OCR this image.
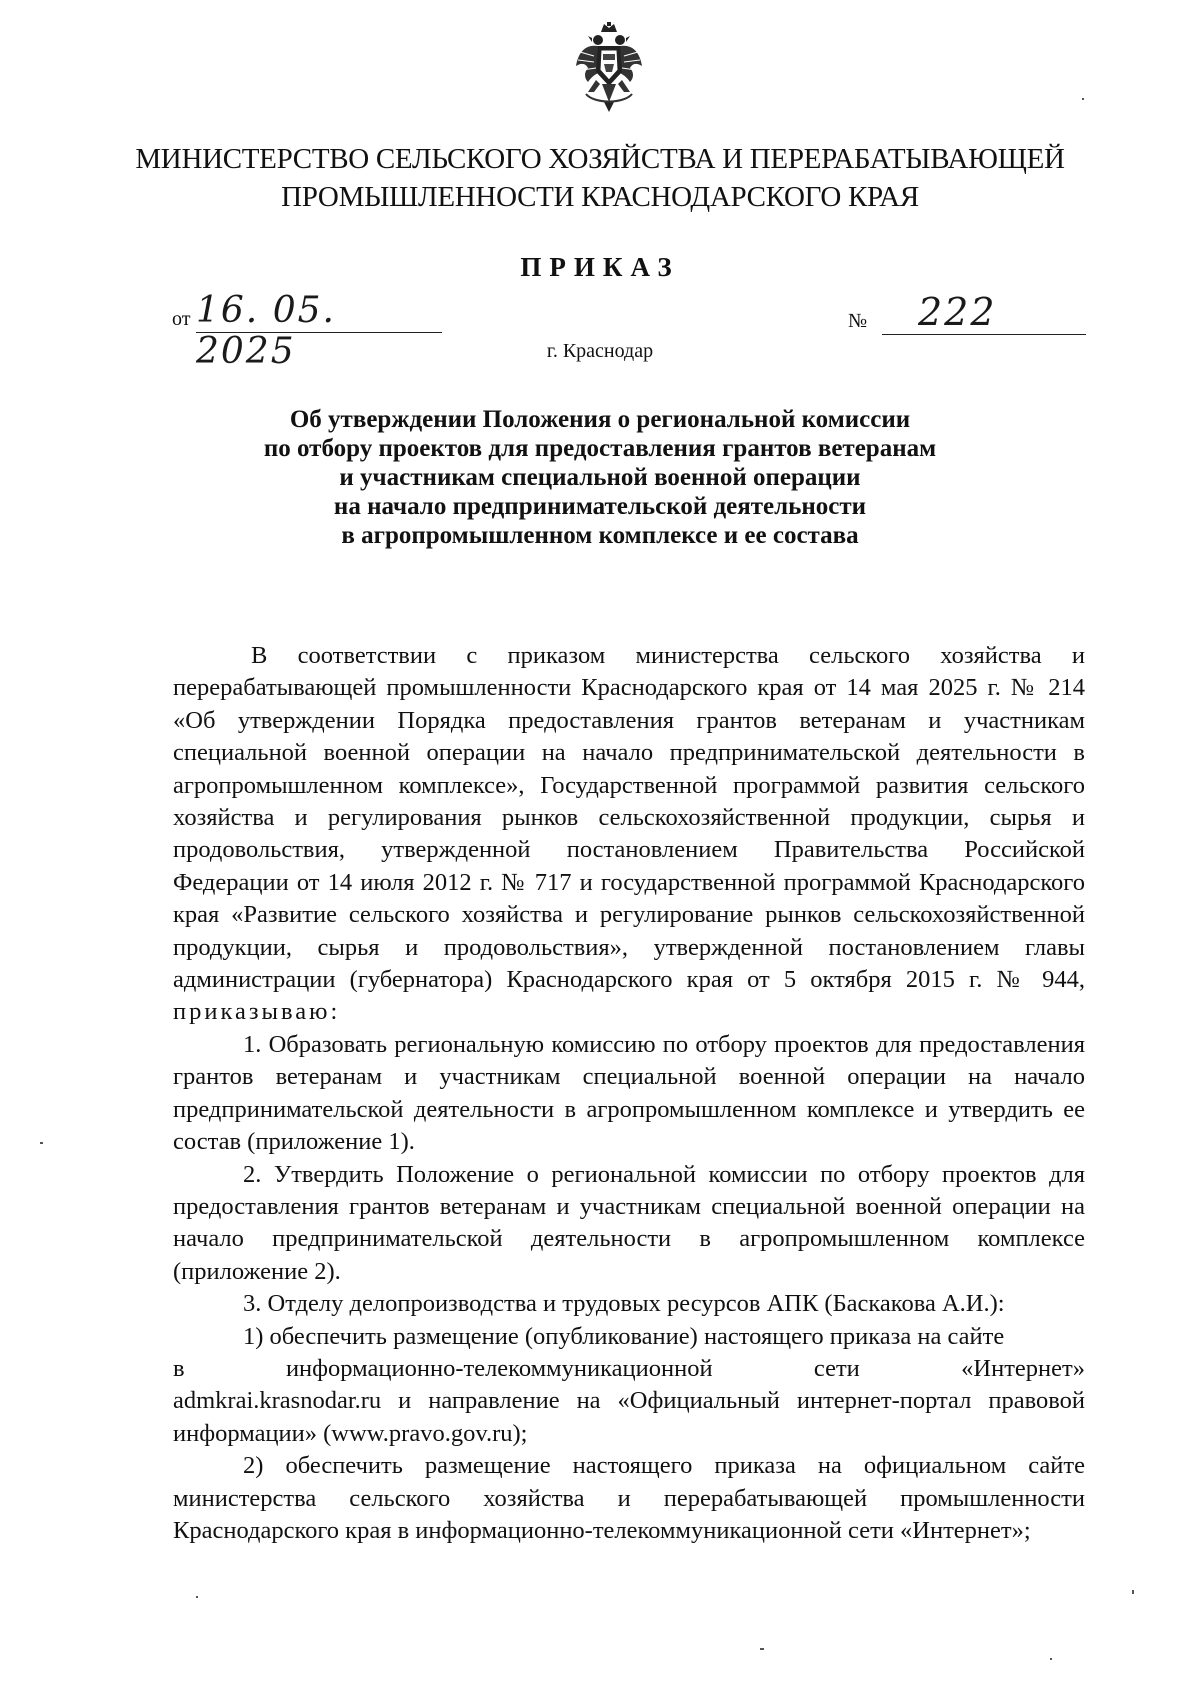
МИНИСТЕРСТВО СЕЛЬСКОГО ХОЗЯЙСТВА И ПЕРЕРАБАТЫВАЮЩЕЙ
ПРОМЫШЛЕННОСТИ КРАСНОДАРСКОГО КРАЯ
ПРИКАЗ
от 16. 05. 2025
№ 222
г. Краснодар
Об утверждении Положения о региональной комиссии
по отбору проектов для предоставления грантов ветеранам
и участникам специальной военной операции
на начало предпринимательской деятельности
в агропромышленном комплексе и ее состава

В соответствии с приказом министерства сельского хозяйства и перерабатывающей промышленности Краснодарского края от 14 мая 2025 г. № 214 «Об утверждении Порядка предоставления грантов ветеранам и участникам специальной военной операции на начало предпринимательской деятельности в агропромышленном комплексе», Государственной программой развития сельского хозяйства и регулирования рынков сельскохозяйственной продукции, сырья и продовольствия, утвержденной постановлением Правительства Российской Федерации от 14 июля 2012 г. № 717 и государственной программой Краснодарского края «Развитие сельского хозяйства и регулирование рынков сельскохозяйственной продукции, сырья и продовольствия», утвержденной постановлением главы администрации (губернатора) Краснодарского края от 5 октября 2015 г. № 944, приказываю:

1. Образовать региональную комиссию по отбору проектов для предоставления грантов ветеранам и участникам специальной военной операции на начало предпринимательской деятельности в агропромышленном комплексе и утвердить ее состав (приложение 1).

2. Утвердить Положение о региональной комиссии по отбору проектов для предоставления грантов ветеранам и участникам специальной военной операции на начало предпринимательской деятельности в агропромышленном комплексе (приложение 2).

3. Отделу делопроизводства и трудовых ресурсов АПК (Баскакова А.И.):

1) обеспечить размещение (опубликование) настоящего приказа на сайте

в информационно-телекоммуникационной сети «Интернет»

admkrai.krasnodar.ru и направление на «Официальный интернет-портал правовой информации» (www.pravo.gov.ru);

2) обеспечить размещение настоящего приказа на официальном сайте министерства сельского хозяйства и перерабатывающей промышленности Краснодарского края в информационно-телекоммуникационной сети «Интернет»;
